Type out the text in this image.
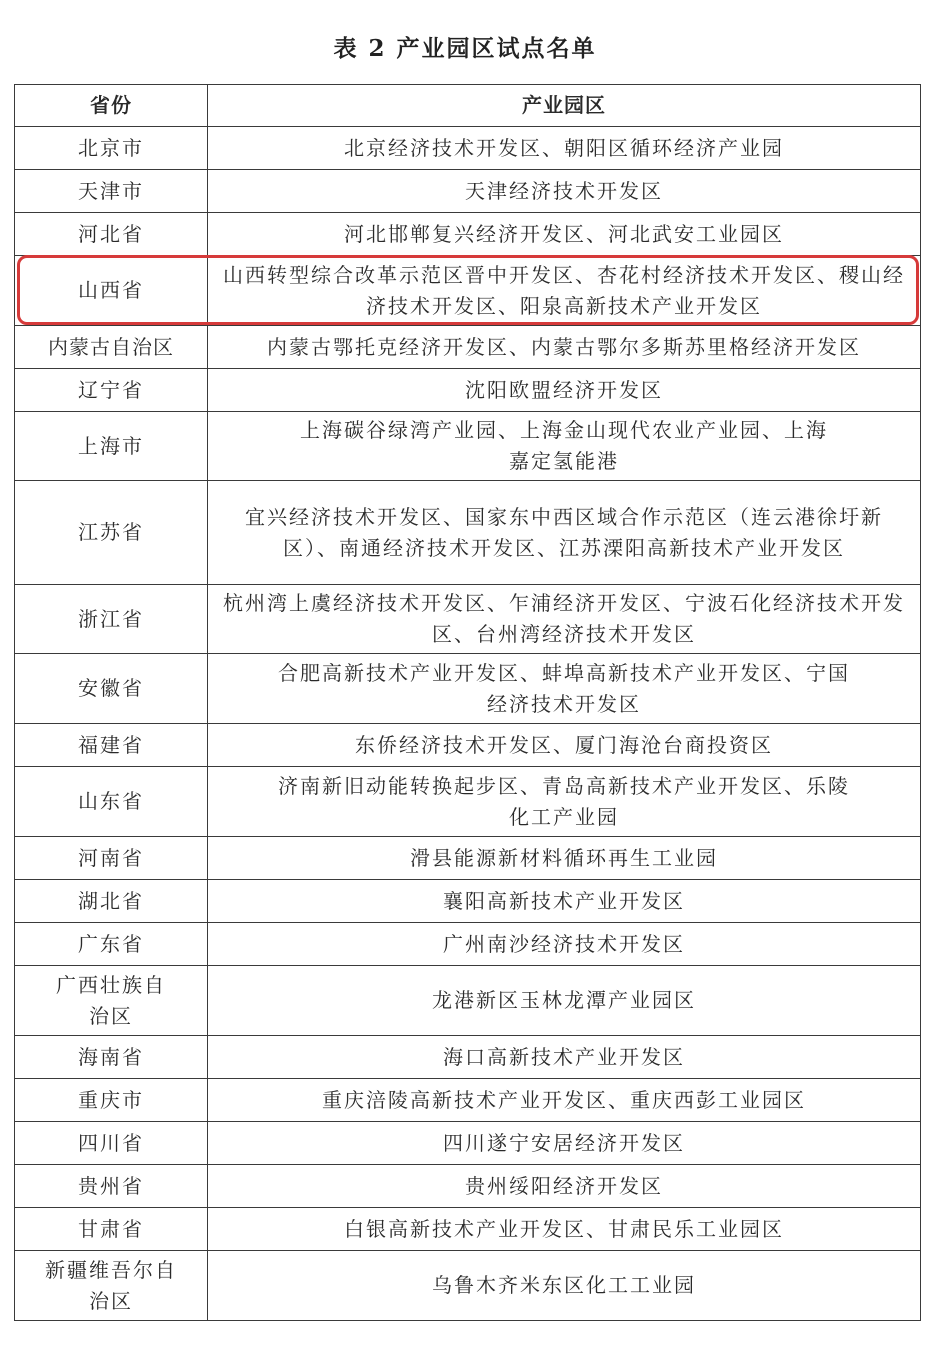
表 2 产业园区试点名单
省份	产业园区
北京市	北京经济技术开发区、朝阳区循环经济产业园
天津市	天津经济技术开发区
河北省	河北邯郸复兴经济开发区、河北武安工业园区
山西省	山西转型综合改革示范区晋中开发区、杏花村经济技术开发区、稷山经济技术开发区、阳泉高新技术产业开发区
内蒙古自治区	内蒙古鄂托克经济开发区、内蒙古鄂尔多斯苏里格经济开发区
辽宁省	沈阳欧盟经济开发区
上海市	上海碳谷绿湾产业园、上海金山现代农业产业园、上海嘉定氢能港
江苏省	宜兴经济技术开发区、国家东中西区域合作示范区（连云港徐圩新区）、南通经济技术开发区、江苏溧阳高新技术产业开发区
浙江省	杭州湾上虞经济技术开发区、乍浦经济开发区、宁波石化经济技术开发区、台州湾经济技术开发区
安徽省	合肥高新技术产业开发区、蚌埠高新技术产业开发区、宁国经济技术开发区
福建省	东侨经济技术开发区、厦门海沧台商投资区
山东省	济南新旧动能转换起步区、青岛高新技术产业开发区、乐陵化工产业园
河南省	滑县能源新材料循环再生工业园
湖北省	襄阳高新技术产业开发区
广东省	广州南沙经济技术开发区
广西壮族自治区	龙港新区玉林龙潭产业园区
海南省	海口高新技术产业开发区
重庆市	重庆涪陵高新技术产业开发区、重庆西彭工业园区
四川省	四川遂宁安居经济开发区
贵州省	贵州绥阳经济开发区
甘肃省	白银高新技术产业开发区、甘肃民乐工业园区
新疆维吾尔自治区	乌鲁木齐米东区化工工业园
